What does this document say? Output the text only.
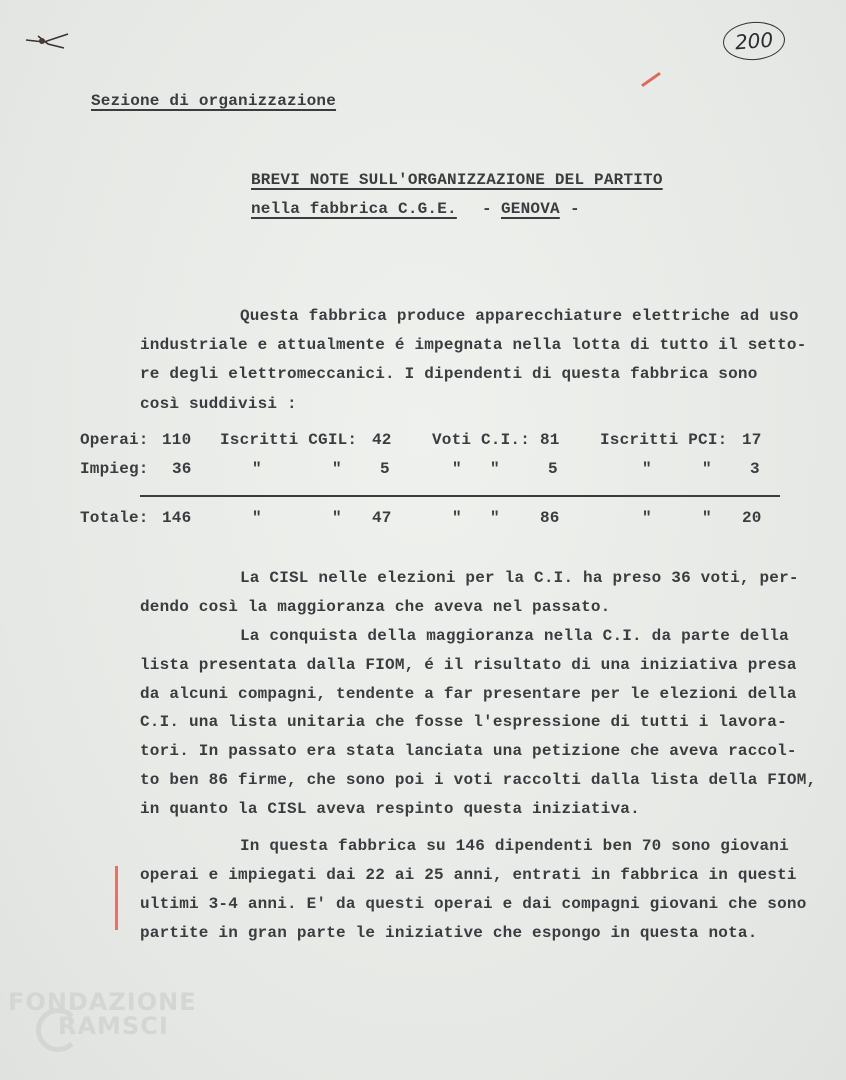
200
Sezione di organizzazione
BREVI NOTE SULL'ORGANIZZAZIONE DEL PARTITO
nella fabbrica C.G.E. - GENOVA -
Questa fabbrica produce apparecchiature elettriche ad uso
industriale e attualmente é impegnata nella lotta di tutto il setto-
re degli elettromeccanici. I dipendenti di questa fabbrica sono
così suddivisi :
Operai: 110 Iscritti CGIL: 42	Voti C.I.: 81	Iscritti PCI: 17
Impieg: 36	"	" 5	" "	5	"	" 3
Totale: 146	"	" 47	" "	86	"	" 20
La CISL nelle elezioni per la C.I. ha preso 36 voti, per-
dendo così la maggioranza che aveva nel passato.
La conquista della maggioranza nella C.I. da parte della
lista presentata dalla FIOM, é il risultato di una iniziativa presa
da alcuni compagni, tendente a far presentare per le elezioni della
C.I. una lista unitaria che fosse l'espressione di tutti i lavora-
tori. In passato era stata lanciata una petizione che aveva raccol-
to ben 86 firme, che sono poi i voti raccolti dalla lista della FIOM,
in quanto la CISL aveva respinto questa iniziativa.
In questa fabbrica su 146 dipendenti ben 70 sono giovani
operai e impiegati dai 22 ai 25 anni, entrati in fabbrica in questi
ultimi 3-4 anni. E' da questi operai e dai compagni giovani che sono
partite in gran parte le iniziative che espongo in questa nota.
FONDAZIONE
RAMSCI
